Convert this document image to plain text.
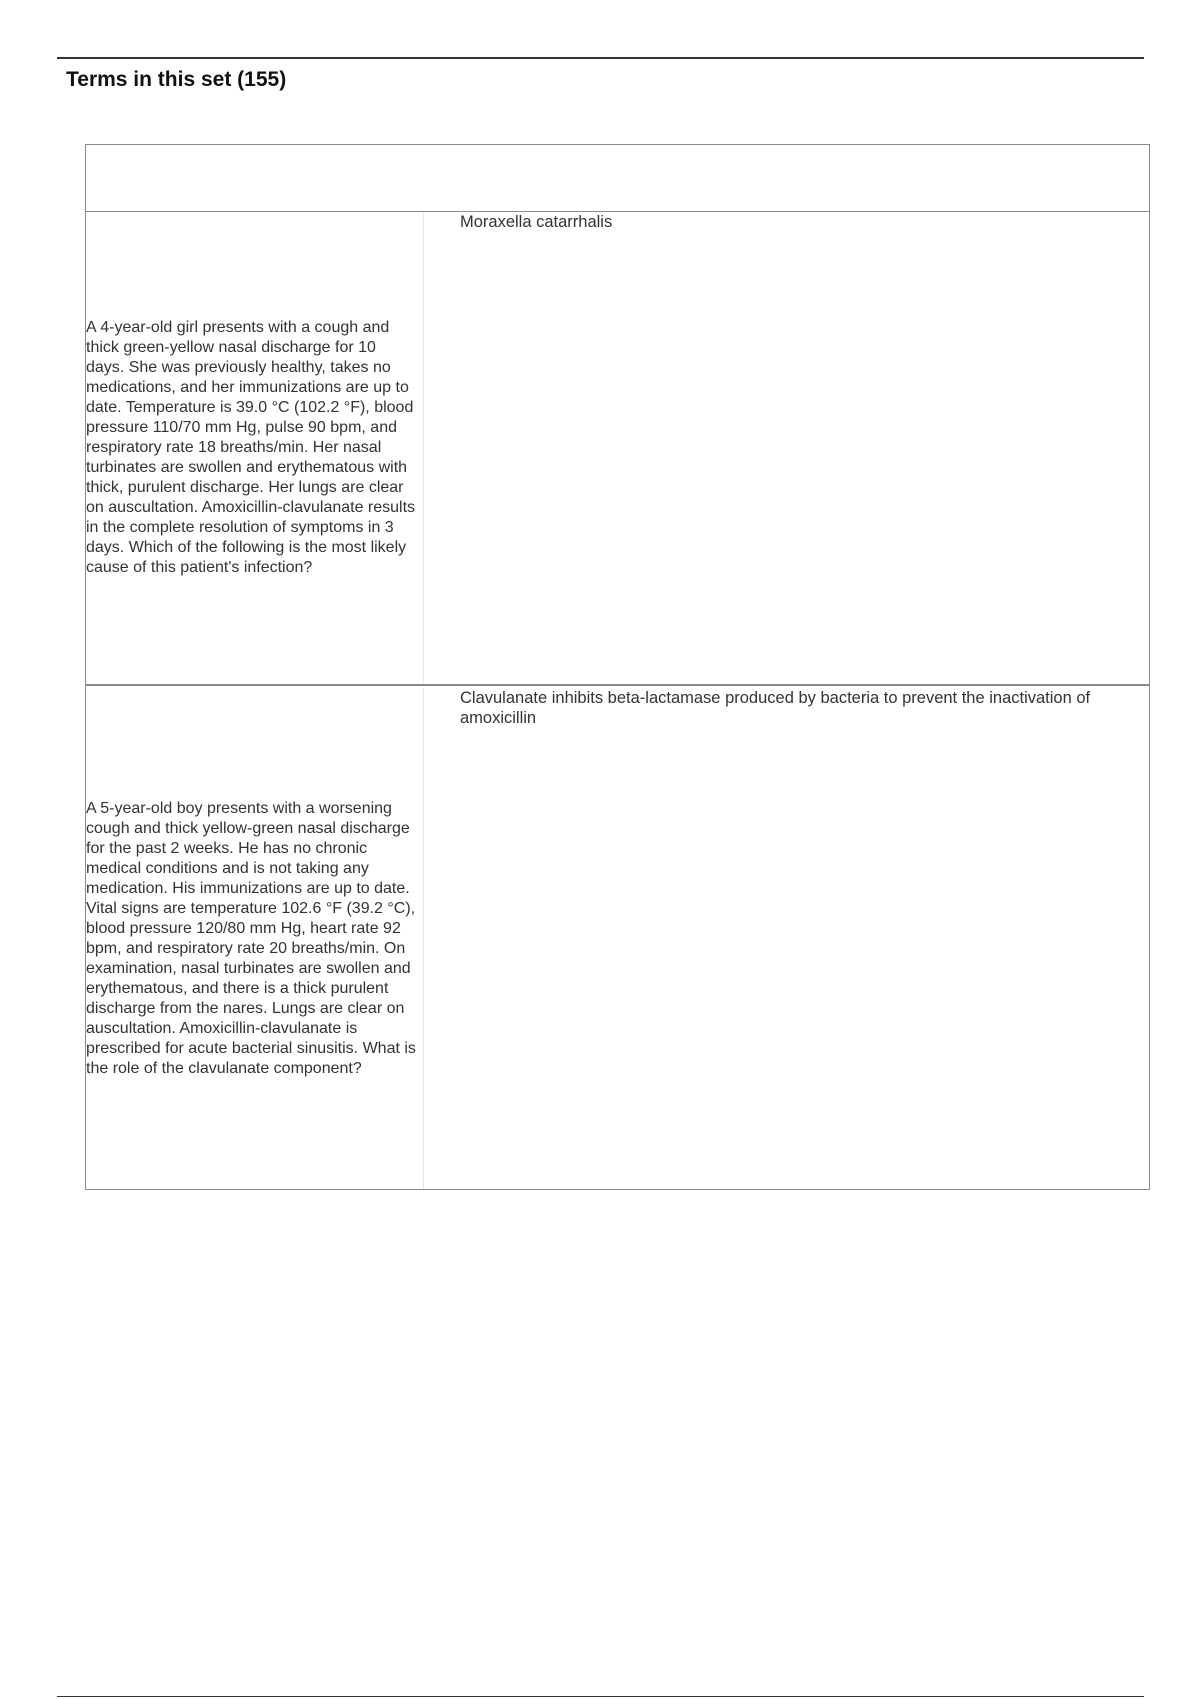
Terms in this set (155)
A 4-year-old girl presents with a cough and thick green-yellow nasal discharge for 10 days. She was previously healthy, takes no medications, and her immunizations are up to date. Temperature is 39.0 °C (102.2 °F), blood pressure 110/70 mm Hg, pulse 90 bpm, and respiratory rate 18 breaths/min. Her nasal turbinates are swollen and erythematous with thick, purulent discharge. Her lungs are clear on auscultation. Amoxicillin-clavulanate results in the complete resolution of symptoms in 3 days. Which of the following is the most likely cause of this patient's infection?
Moraxella catarrhalis
A 5-year-old boy presents with a worsening cough and thick yellow-green nasal discharge for the past 2 weeks. He has no chronic medical conditions and is not taking any medication. His immunizations are up to date. Vital signs are temperature 102.6 °F (39.2 °C), blood pressure 120/80 mm Hg, heart rate 92 bpm, and respiratory rate 20 breaths/min. On examination, nasal turbinates are swollen and erythematous, and there is a thick purulent discharge from the nares. Lungs are clear on auscultation. Amoxicillin-clavulanate is prescribed for acute bacterial sinusitis. What is the role of the clavulanate component?
Clavulanate inhibits beta-lactamase produced by bacteria to prevent the inactivation of amoxicillin
